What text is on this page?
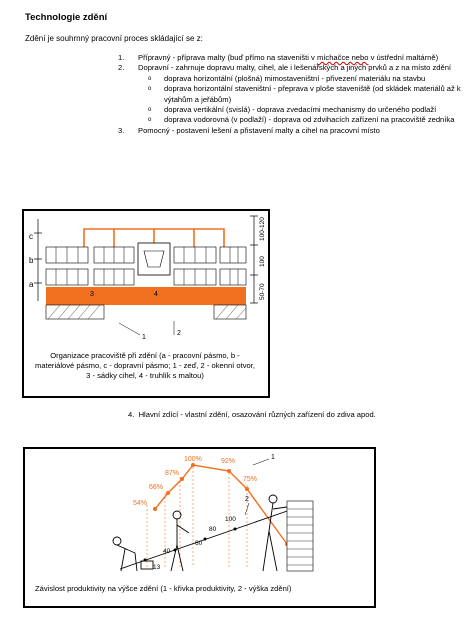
Technologie zdění
Zdění je souhrnný pracovní proces skládající se z:
1. Přípravný - příprava malty (buď přímo na staveništi v míchačce nebo v ústřední maltárně)
2. Dopravní - zahrnuje dopravu malty, cihel, ale i lešenářských a jiných prvků a z na místo zdění
o doprava horizontální (plošná) mimostaveništní - přivezení materiálu na stavbu
o doprava horizontální staveništní - přeprava v ploše staveniště (od skládek materiálů až k výtahům a jeřábům)
o doprava vertikální (svislá) - doprava zvedacími mechanismy do určeného podlaží
o doprava vodorovná (v podlaží) - doprava od zdvihacích zařízení na pracoviště zedníka
3. Pomocný - postavení lešení a přistavení malty a cihel na pracovní místo
c
b
a
100-120
100
50-70
3	4
1
2
Organizace pracoviště při zdění (a - pracovní pásmo, b - materiálové pásmo, c - dopravní pásmo; 1 - zeď, 2 - okenní otvor, 3 - sádky cihel, 4 - truhlík s maltou)
4. Hlavní zdící - vlastní zdění, osazování různých zařízení do zdiva apod.
54%
66%
87%
100%	92%
75%
13
40
60
80
100
1
2
Závislost produktivity na výšce zdění (1 - křivka produktivity, 2 - výška zdění)
